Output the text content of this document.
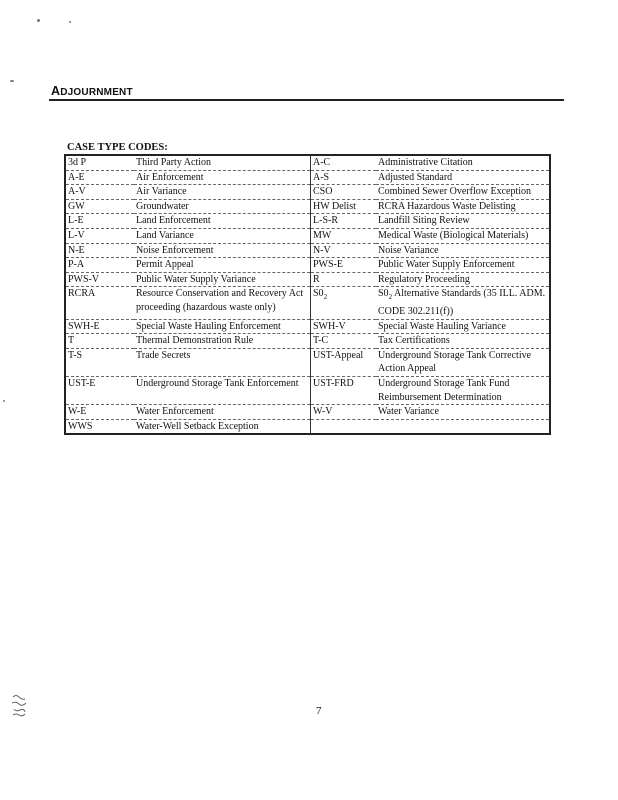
ADJOURNMENT
CASE TYPE CODES:
3d P	Third Party Action	A-C	Administrative Citation
A-E	Air Enforcement	A-S	Adjusted Standard
A-V	Air Variance	CSO	Combined Sewer Overflow Exception
GW	Groundwater	HW Delist	RCRA Hazardous Waste Delisting
L-E	Land Enforcement	L-S-R	Landfill Siting Review
L-V	Land Variance	MW	Medical Waste (Biological Materials)
N-E	Noise Enforcement	N-V	Noise Variance
P-A	Permit Appeal	PWS-E	Public Water Supply Enforcement
PWS-V	Public Water Supply Variance	R	Regulatory Proceeding
RCRA	Resource Conservation and Recovery Act proceeding (hazardous waste only)	$S0_2$	$S0_2$ Alternative Standards (35 ILL. ADM. CODE 302.211(f))
SWH-E	Special Waste Hauling Enforcement	SWH-V	Special Waste Hauling Variance
T	Thermal Demonstration Rule	T-C	Tax Certifications
T-S	Trade Secrets	UST-Appeal	Underground Storage Tank Corrective Action Appeal
UST-E	Underground Storage Tank Enforcement	UST-FRD	Underground Storage Tank Fund Reimbursement Determination
W-E	Water Enforcement	W-V	Water Variance
WWS	Water-Well Setback Exception		
7
